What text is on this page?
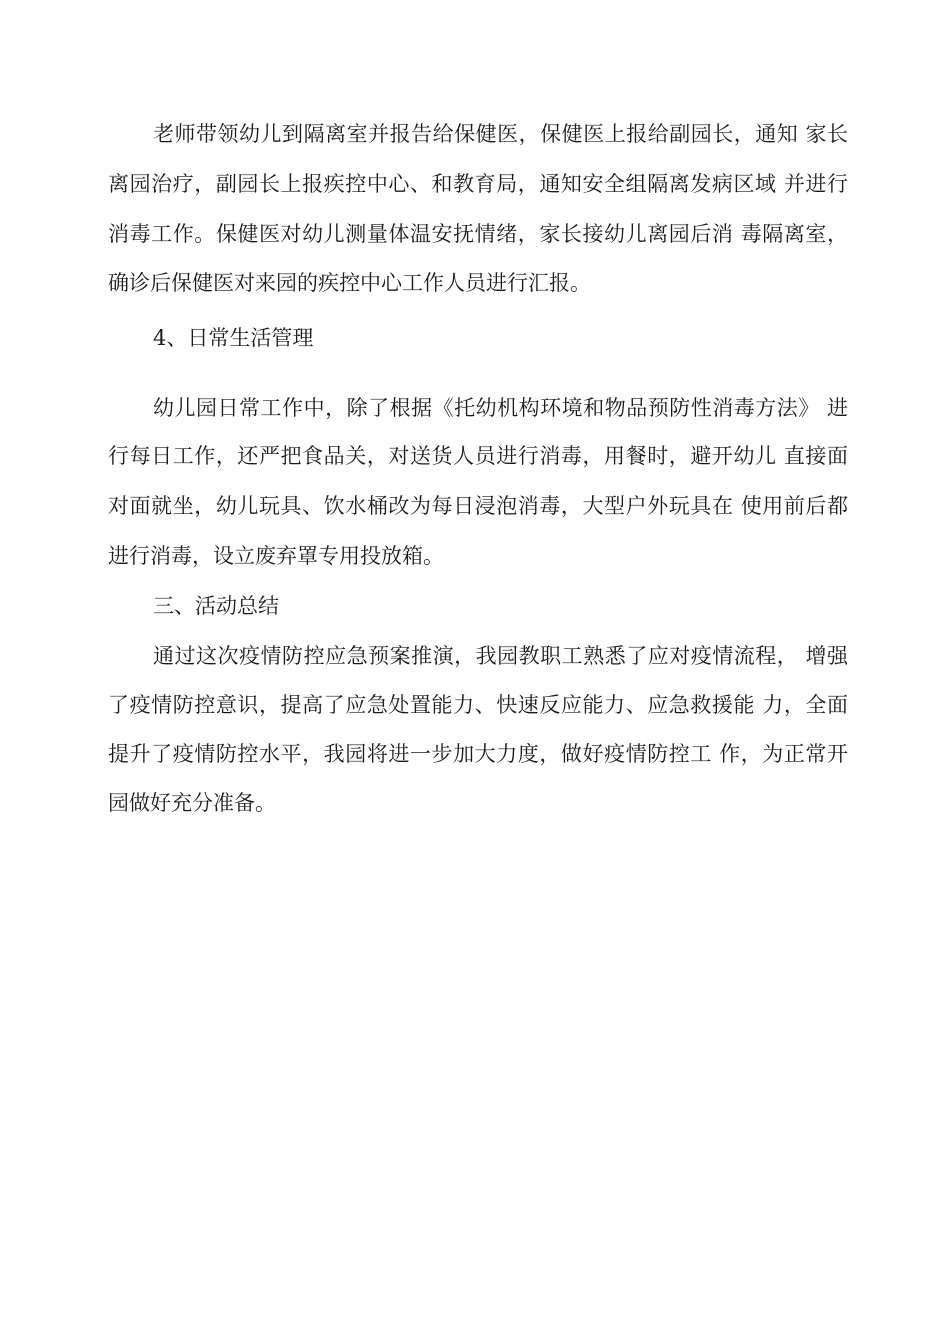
老师带领幼儿到隔离室并报告给保健医，保健医上报给副园长，通知 家长

离园治疗，副园长上报疾控中心、和教育局，通知安全组隔离发病区域 并进行

消毒工作。保健医对幼儿测量体温安抚情绪，家长接幼儿离园后消 毒隔离室，

确诊后保健医对来园的疾控中心工作人员进行汇报。

4、日常生活管理

幼儿园日常工作中，除了根据《托幼机构环境和物品预防性消毒方法》 进

行每日工作，还严把食品关，对送货人员进行消毒，用餐时，避开幼儿 直接面

对面就坐，幼儿玩具、饮水桶改为每日浸泡消毒，大型户外玩具在 使用前后都

进行消毒，设立废弃罩专用投放箱。

三、活动总结

通过这次疫情防控应急预案推演，我园教职工熟悉了应对疫情流程， 增强

了疫情防控意识，提高了应急处置能力、快速反应能力、应急救援能 力，全面

提升了疫情防控水平，我园将进一步加大力度，做好疫情防控工 作，为正常开

园做好充分准备。
